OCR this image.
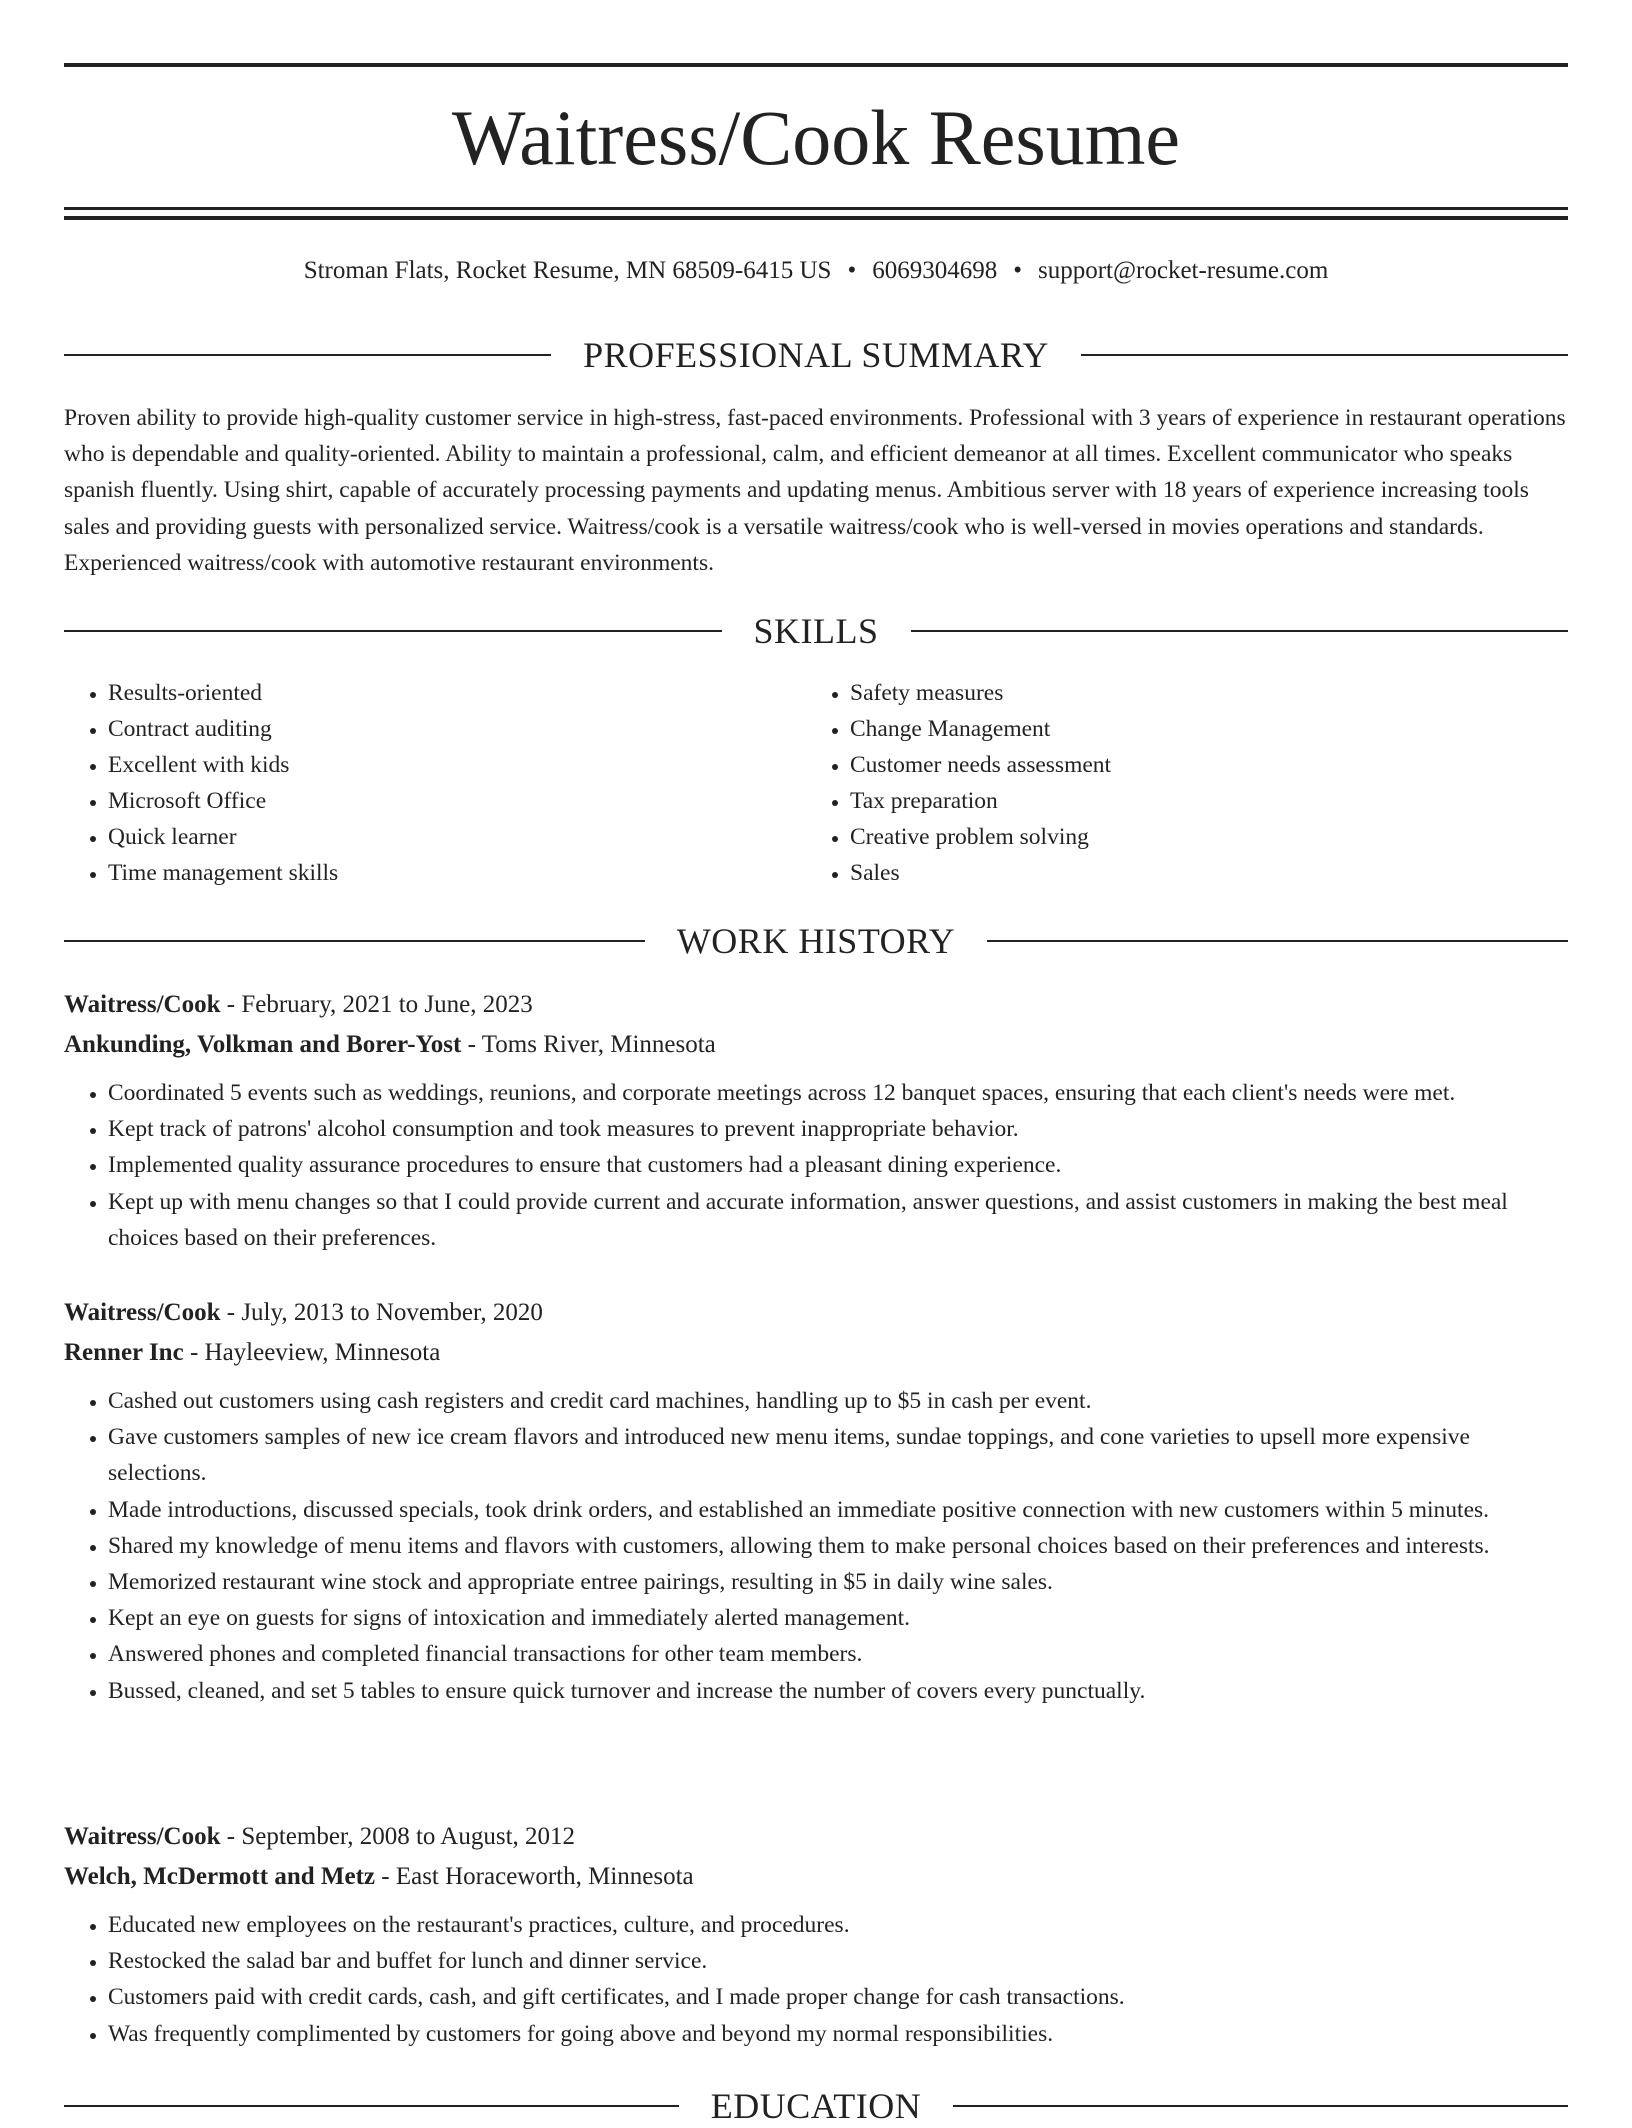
Waitress/Cook Resume
Stroman Flats, Rocket Resume, MN 68509-6415 US • 6069304698 • support@rocket-resume.com
PROFESSIONAL SUMMARY

Proven ability to provide high-quality customer service in high-stress, fast-paced environments. Professional with 3 years of experience in restaurant operations who is dependable and quality-oriented. Ability to maintain a professional, calm, and efficient demeanor at all times. Excellent communicator who speaks spanish fluently. Using shirt, capable of accurately processing payments and updating menus. Ambitious server with 18 years of experience increasing tools sales and providing guests with personalized service. Waitress/cook is a versatile waitress/cook who is well-versed in movies operations and standards. Experienced waitress/cook with automotive restaurant environments.

SKILLS
• Results-oriented
• Contract auditing
• Excellent with kids
• Microsoft Office
• Quick learner
• Time management skills
• Safety measures
• Change Management
• Customer needs assessment
• Tax preparation
• Creative problem solving
• Sales
WORK HISTORY
Waitress/Cook - February, 2021 to June, 2023
Ankunding, Volkman and Borer-Yost - Toms River, Minnesota
• Coordinated 5 events such as weddings, reunions, and corporate meetings across 12 banquet spaces, ensuring that each client's needs were met.
• Kept track of patrons' alcohol consumption and took measures to prevent inappropriate behavior.
• Implemented quality assurance procedures to ensure that customers had a pleasant dining experience.
• Kept up with menu changes so that I could provide current and accurate information, answer questions, and assist customers in making the best meal choices based on their preferences.
Waitress/Cook - July, 2013 to November, 2020
Renner Inc - Hayleeview, Minnesota
• Cashed out customers using cash registers and credit card machines, handling up to $5 in cash per event.
• Gave customers samples of new ice cream flavors and introduced new menu items, sundae toppings, and cone varieties to upsell more expensive selections.
• Made introductions, discussed specials, took drink orders, and established an immediate positive connection with new customers within 5 minutes.
• Shared my knowledge of menu items and flavors with customers, allowing them to make personal choices based on their preferences and interests.
• Memorized restaurant wine stock and appropriate entree pairings, resulting in $5 in daily wine sales.
• Kept an eye on guests for signs of intoxication and immediately alerted management.
• Answered phones and completed financial transactions for other team members.
• Bussed, cleaned, and set 5 tables to ensure quick turnover and increase the number of covers every punctually.
Waitress/Cook - September, 2008 to August, 2012
Welch, McDermott and Metz - East Horaceworth, Minnesota
• Educated new employees on the restaurant's practices, culture, and procedures.
• Restocked the salad bar and buffet for lunch and dinner service.
• Customers paid with credit cards, cash, and gift certificates, and I made proper change for cash transactions.
• Was frequently complimented by customers for going above and beyond my normal responsibilities.
EDUCATION
